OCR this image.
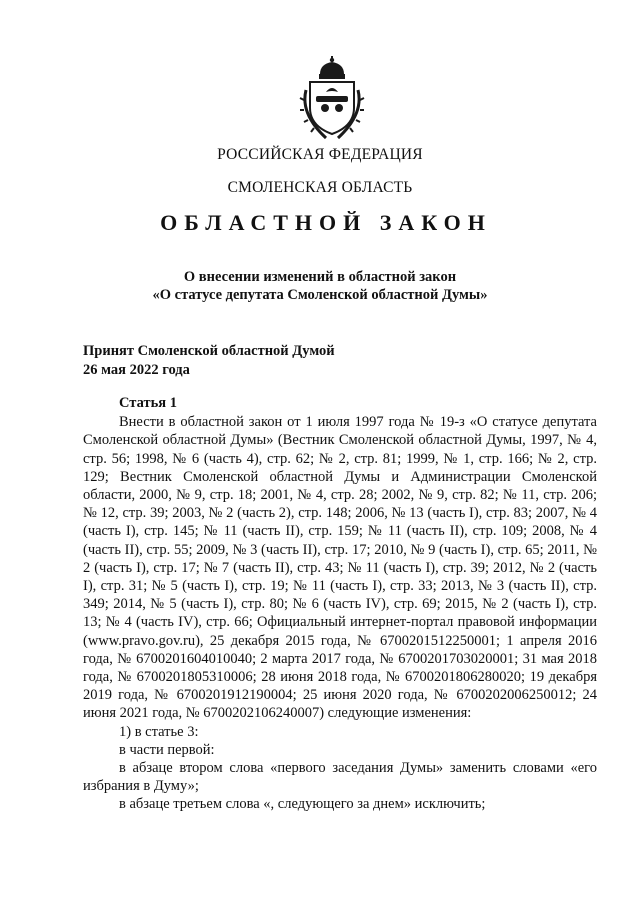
РОССИЙСКАЯ ФЕДЕРАЦИЯ
СМОЛЕНСКАЯ ОБЛАСТЬ
ОБЛАСТНОЙ ЗАКОН
О внесении изменений в областной закон
«О статусе депутата Смоленской областной Думы»
Принят Смоленской областной Думой
26 мая 2022 года
Статья 1

Внести в областной закон от 1 июля 1997 года № 19-з «О статусе депутата Смоленской областной Думы» (Вестник Смоленской областной Думы, 1997, № 4, стр. 56; 1998, № 6 (часть 4), стр. 62; № 2, стр. 81; 1999, № 1, стр. 166; № 2, стр. 129; Вестник Смоленской областной Думы и Администрации Смоленской области, 2000, № 9, стр. 18; 2001, № 4, стр. 28; 2002, № 9, стр. 82; № 11, стр. 206; № 12, стр. 39; 2003, № 2 (часть 2), стр. 148; 2006, № 13 (часть I), стр. 83; 2007, № 4 (часть I), стр. 145; № 11 (часть II), стр. 159; № 11 (часть II), стр. 109; 2008, № 4 (часть II), стр. 55; 2009, № 3 (часть II), стр. 17; 2010, № 9 (часть I), стр. 65; 2011, № 2 (часть I), стр. 17; № 7 (часть II), стр. 43; № 11 (часть I), стр. 39; 2012, № 2 (часть I), стр. 31; № 5 (часть I), стр. 19; № 11 (часть I), стр. 33; 2013, № 3 (часть II), стр. 349; 2014, № 5 (часть I), стр. 80; № 6 (часть IV), стр. 69; 2015, № 2 (часть I), стр. 13; № 4 (часть IV), стр. 66; Официальный интернет-портал правовой информации (www.pravo.gov.ru), 25 декабря 2015 года, № 6700201512250001; 1 апреля 2016 года, № 6700201604010040; 2 марта 2017 года, № 6700201703020001; 31 мая 2018 года, № 6700201805310006; 28 июня 2018 года, № 6700201806280020; 19 декабря 2019 года, № 6700201912190004; 25 июня 2020 года, № 6700202006250012; 24 июня 2021 года, № 6700202106240007) следующие изменения:

1) в статье 3:

в части первой:

в абзаце втором слова «первого заседания Думы» заменить словами «его избрания в Думу»;

в абзаце третьем слова «, следующего за днем» исключить;
